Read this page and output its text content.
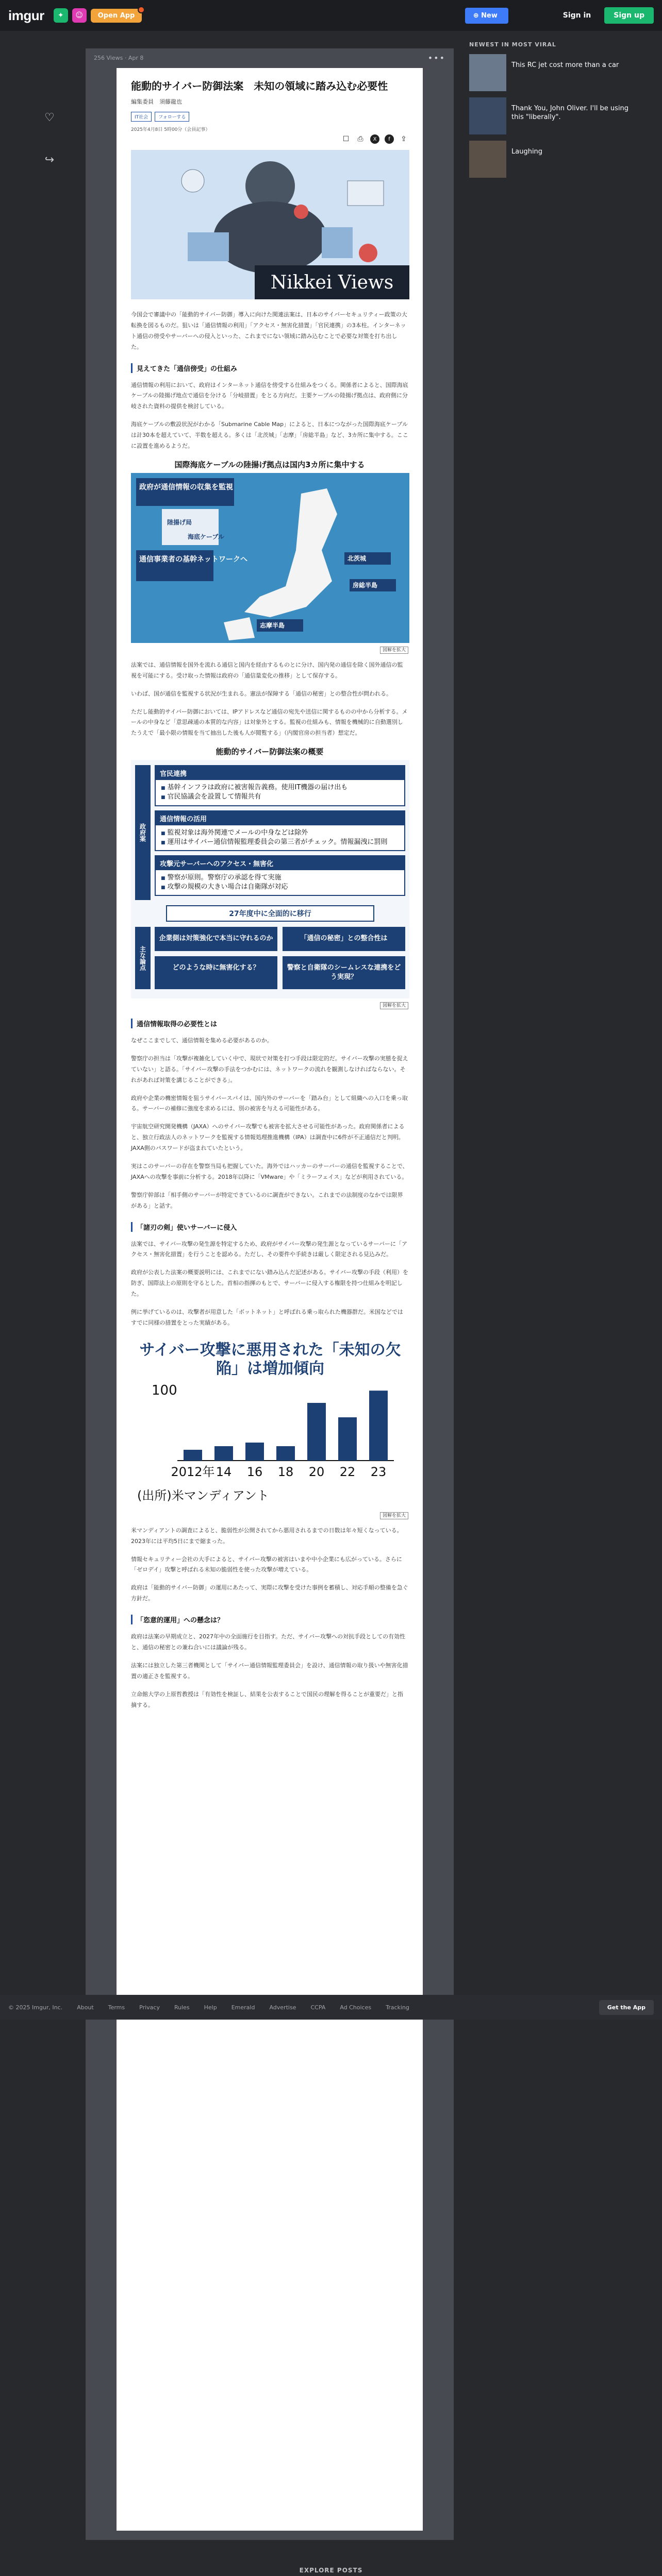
imgur	✦	☺	Open App	⊕ New	Sign in	Sign up
♡
↪
256 Views · Apr 8	•••
能動的サイバー防御法案　未知の領域に踏み込む必要性
編集委員　須藤龍也
IT社会	フォローする
2025年4月8日 5時00分（会員記事）
☐ ⎙	X	f	⇪
Nikkei Views

今国会で審議中の「能動的サイバー防御」導入に向けた関連法案は、日本のサイバーセキュリティー政策の大転換を図るものだ。狙いは「通信情報の利用」「アクセス・無害化措置」「官民連携」の3本柱。インターネット通信の傍受やサーバーへの侵入といった、これまでにない領域に踏み込むことで必要な対策を打ち出した。

見えてきた「通信傍受」の仕組み

通信情報の利用において、政府はインターネット通信を傍受する仕組みをつくる。関係者によると、国際海底ケーブルの陸揚げ地点で通信を分ける「分岐措置」をとる方向だ。主要ケーブルの陸揚げ拠点は、政府側に分岐された資料の提供を検討している。

海底ケーブルの敷設状況がわかる「Submarine Cable Map」によると、日本につながった国際海底ケーブルは計30本を超えていて、半数を超える。多くは「北茨城」「志摩」「房総半島」など、3カ所に集中する。ここに設置を進めるようだ。

国際海底ケーブルの陸揚げ拠点は国内3カ所に集中する
政府が通信情報の収集を監視
通信事業者の基幹ネットワークへ
陸揚げ局
海底ケーブル
北茨城
房総半島
志摩半島
図解を拡大

法案では、通信情報を国外を流れる通信と国内を経由するものとに分け、国内発の通信を除く国外通信の監視を可能にする。受け取った情報は政府の「通信量変化の推移」として保存する。

いわば、国が通信を監視する状況が生まれる。憲法が保障する「通信の秘密」との整合性が問われる。

ただし能動的サイバー防御においては、IPアドレスなど通信の宛先や送信に関するものの中から分析する。メールの中身など「意思疎通の本質的な内容」は対象外とする。監視の仕組みも、情報を機械的に自動選別したうえで「最小限の情報を当て抽出した後も人が閲覧する」（内閣官房の担当者）想定だ。

能動的サイバー防御法案の概要
政府案
官民連携
■ 基幹インフラは政府に被害報告義務。使用IT機器の届け出も
■ 官民協議会を設置して情報共有
通信情報の活用
■ 監視対象は海外関連でメールの中身などは除外
■ 運用はサイバー通信情報監理委員会の第三者がチェック。情報漏洩に罰則
攻撃元サーバーへのアクセス・無害化
■ 警察が原則。警察庁の承認を得て実施
■ 攻撃の規模の大きい場合は自衛隊が対応
27年度中に全面的に移行
主な論点
企業側は対策強化で本当に守れるのか	「通信の秘密」との整合性は
どのような時に無害化する？	警察と自衛隊のシームレスな連携をどう実現？
図解を拡大
通信情報取得の必要性とは

なぜここまでして、通信情報を集める必要があるのか。

警察庁の担当は「攻撃が複雑化していく中で、現状で対策を打つ手段は限定的だ。サイバー攻撃の実態を捉えていない」と語る。「サイバー攻撃の手法をつかむには、ネットワークの流れを観測しなければならない。それがあれば対策を講じることができる」。

政府や企業の機密情報を狙うサイバースパイは、国内外のサーバーを「踏み台」として組織への入口を乗っ取る。サーバーの補修に強度を求めるには、別の被害を与える可能性がある。

宇宙航空研究開発機構（JAXA）へのサイバー攻撃でも被害を拡大させる可能性があった。政府関係者によると、独立行政法人のネットワークを監視する情報処理推進機構（IPA）は調査中に6件が不正通信だと判明。JAXA側のパスワードが盗まれていたという。

実はこのサーバーの存在を警察当局も把握していた。海外ではハッカーのサーバーの通信を監視することで、JAXAへの攻撃を事前に分析する。2018年以降に「VMware」や「ミラーフェイス」などが利用されている。

警察庁幹部は「相手側のサーバーが特定できているのに調査ができない。これまでの法制度のなかでは限界がある」と話す。

「諸刃の剣」使いサーバーに侵入

法案では、サイバー攻撃の発生源を特定するため、政府がサイバー攻撃の発生源となっているサーバーに「アクセス・無害化措置」を行うことを認める。ただし、その要件や手続きは厳しく限定される見込みだ。

政府が公表した法案の概要説明には、これまでにない踏み込んだ記述がある。サイバー攻撃の手段（利用）を防ぎ、国際法上の原則を守るとした。首相の指揮のもとで、サーバーに侵入する権限を持つ仕組みを明記した。

例に挙げているのは、攻撃者が用意した「ボットネット」と呼ばれる乗っ取られた機器群だ。米国などではすでに同様の措置をとった実績がある。

サイバー攻撃に悪用された「未知の欠陥」は増加傾向
100
2012年 14 16 18 20 22 23
(出所)米マンディアント
図解を拡大

米マンディアントの調査によると、脆弱性が公開されてから悪用されるまでの日数は年々短くなっている。2023年には平均5日にまで縮まった。

情報セキュリティー会社の大手によると、サイバー攻撃の被害はいまや中小企業にも広がっている。さらに「ゼロデイ」攻撃と呼ばれる未知の脆弱性を使った攻撃が増えている。

政府は「能動的サイバー防御」の運用にあたって、実際に攻撃を受けた事例を蓄積し、対応手順の整備を急ぐ方針だ。

「恣意的運用」への懸念は？

政府は法案の早期成立と、2027年中の全面施行を目指す。ただ、サイバー攻撃への対抗手段としての有効性と、通信の秘密との兼ね合いには議論が残る。

法案には独立した第三者機関として「サイバー通信情報監理委員会」を設け、通信情報の取り扱いや無害化措置の適正さを監視する。

立命館大学の上原哲教授は「有効性を検証し、結果を公表することで国民の理解を得ることが重要だ」と指摘する。

© 2025 Imgur, Inc.	About	Terms	Privacy	Rules	Help	Emerald	Advertise	CCPA	Ad Choices	Tracking	Get the App
NEWEST IN MOST VIRAL
This RC jet cost more than a car
Thank You, John Oliver. I'll be using this "liberally".
Laughing
EXPLORE POSTS
